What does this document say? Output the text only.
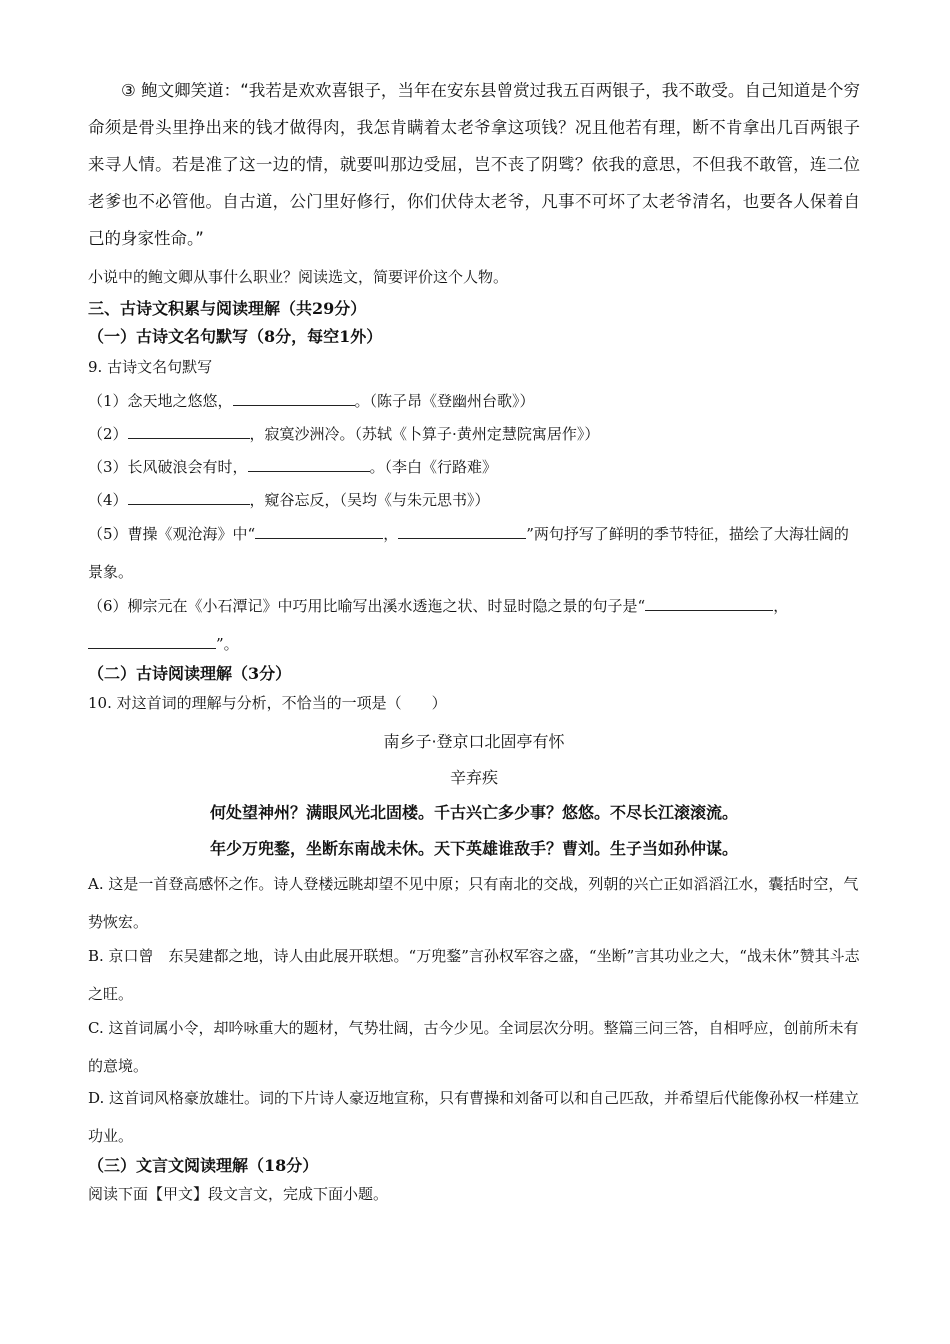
③ 鲍文卿笑道：“我若是欢欢喜银子，当年在安东县曾赏过我五百两银子，我不敢受。自己知道是个穷命须是骨头里挣出来的钱才做得肉，我怎肯瞒着太老爷拿这项钱？况且他若有理，断不肯拿出几百两银子来寻人情。若是准了这一边的情，就要叫那边受屈，岂不丧了阴骘？依我的意思，不但我不敢管，连二位老爹也不必管他。自古道，公门里好修行，你们伏侍太老爷，凡事不可坏了太老爷清名，也要各人保着自己的身家性命。”
小说中的鲍文卿从事什么职业？阅读选文，简要评价这个人物。
三、古诗文积累与阅读理解（共29分）
（一）古诗文名句默写（8分，每空1外）
9. 古诗文名句默写
（1）念天地之悠悠，	。（陈子昂《登幽州台歌》）
（2）	，寂寞沙洲冷。（苏轼《卜算子·黄州定慧院寓居作》）
（3）长风破浪会有时，	。（李白《行路难》
（4）	，窥谷忘反，（吴均《与朱元思书》）
（5）曹操《观沧海》中“	，	”两句抒写了鲜明的季节特征，描绘了大海壮阔的景象。
（6）柳宗元在《小石潭记》中巧用比喻写出溪水透迤之状、时显时隐之景的句子是“	，”。
（二）古诗阅读理解（3分）
10. 对这首词的理解与分析，不恰当的一项是（　　）
南乡子·登京口北固亭有怀
辛弃疾
何处望神州？满眼风光北固楼。千古兴亡多少事？悠悠。不尽长江滚滚流。
年少万兜鍪，坐断东南战未休。天下英雄谁敌手？曹刘。生子当如孙仲谋。
A. 这是一首登高感怀之作。诗人登楼远眺却望不见中原；只有南北的交战，列朝的兴亡正如滔滔江水，囊括时空，气势恢宏。
B. 京口曾　东吴建都之地，诗人由此展开联想。“万兜鍪”言孙权军容之盛，“坐断”言其功业之大，“战未休”赞其斗志之旺。
C. 这首词属小令，却吟咏重大的题材，气势壮阔，古今少见。全词层次分明。整篇三问三答，自相呼应，创前所未有的意境。
D. 这首词风格豪放雄壮。词的下片诗人豪迈地宣称，只有曹操和刘备可以和自己匹敌，并希望后代能像孙权一样建立功业。
（三）文言文阅读理解（18分）
阅读下面【甲文】段文言文，完成下面小题。
